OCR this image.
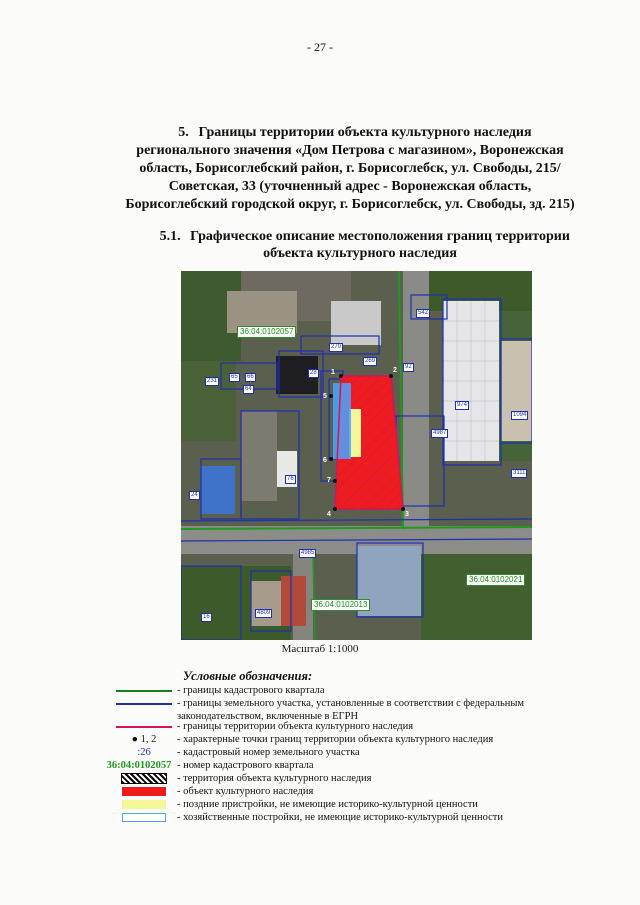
- 27 -
5. Границы территории объекта культурного наследия
регионального значения «Дом Петрова с магазином», Воронежская
область, Борисоглебский район, г. Борисоглебск, ул. Свободы, 215/
Советская, 33 (уточненный адрес - Воронежская область,
Борисоглебский городской округ, г. Борисоглебск, ул. Свободы, зд. 215)
5.1. Графическое описание местоположения границ территории
объекта культурного наследия
36:04:0102057
36:04:0102021
36:04:0102013
542
270
269
92
231
65	66
64
974
1094
4987
76
24
3111
4985
4809
16
28 1	2
3
4
5
6
7
Масштаб 1:1000
Условные обозначения:
- границы кадастрового квартала
- границы земельного участка, установленные в соответствии с федеральным законодательством, включенные в ЕГРН
- границы территории объекта культурного наследия
● 1, 2	- характерные точки границ территории объекта культурного наследия
:26	- кадастровый номер земельного участка
36:04:0102057 - номер кадастрового квартала
- территория объекта культурного наследия
- объект культурного наследия
- поздние пристройки, не имеющие историко-культурной ценности
- хозяйственные постройки, не имеющие историко-культурной ценности
